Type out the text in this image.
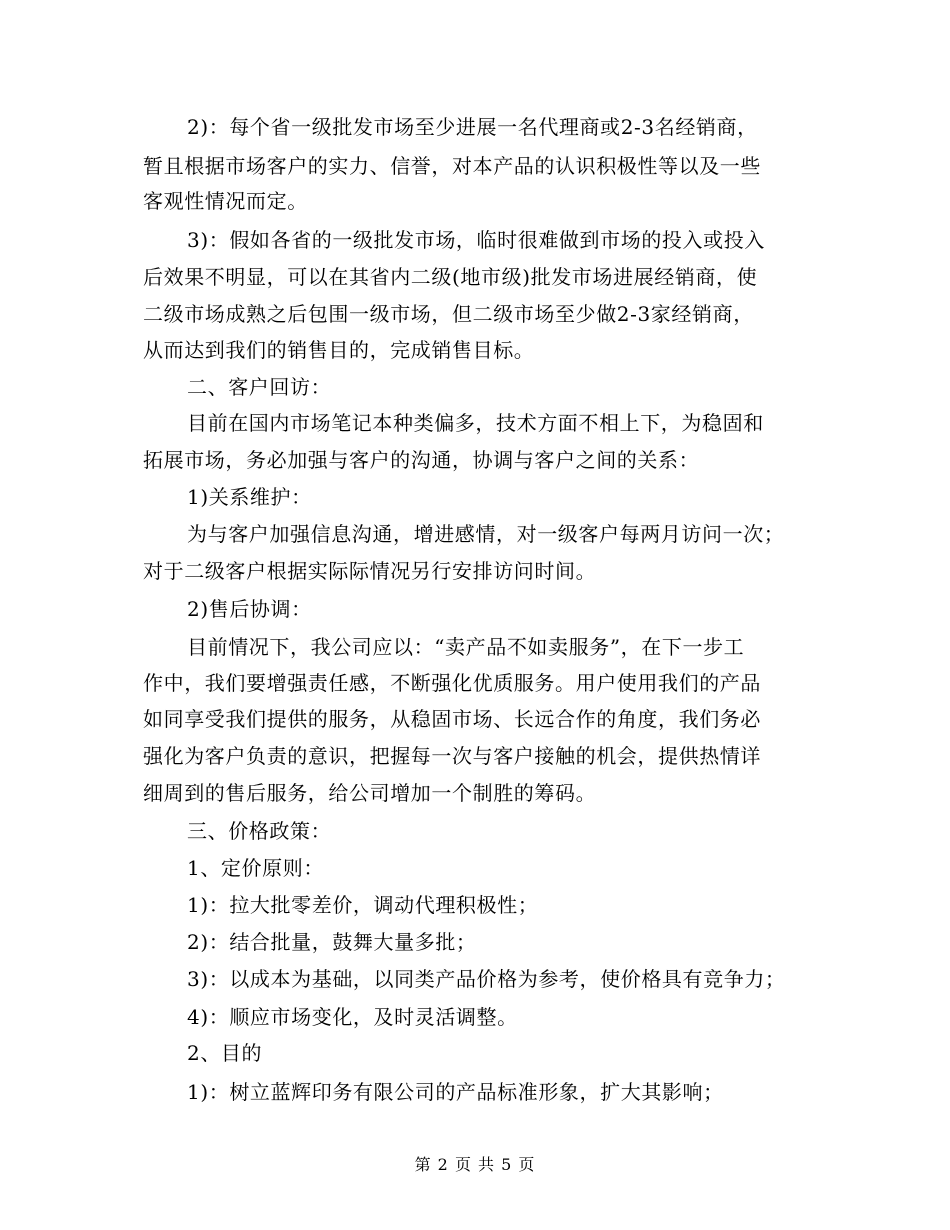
2)：每个省一级批发市场至少进展一名代理商或2-3名经销商，
暂且根据市场客户的实力、信誉，对本产品的认识积极性等以及一些
客观性情况而定。
3)：假如各省的一级批发市场，临时很难做到市场的投入或投入
后效果不明显，可以在其省内二级(地市级)批发市场进展经销商，使
二级市场成熟之后包围一级市场，但二级市场至少做2-3家经销商，
从而达到我们的销售目的，完成销售目标。
二、客户回访：
目前在国内市场笔记本种类偏多，技术方面不相上下，为稳固和
拓展市场，务必加强与客户的沟通，协调与客户之间的关系：
1)关系维护：
为与客户加强信息沟通，增进感情，对一级客户每两月访问一次；
对于二级客户根据实际际情况另行安排访问时间。
2)售后协调：
目前情况下，我公司应以：“卖产品不如卖服务”，在下一步工
作中，我们要增强责任感，不断强化优质服务。用户使用我们的产品
如同享受我们提供的服务，从稳固市场、长远合作的角度，我们务必
强化为客户负责的意识，把握每一次与客户接触的机会，提供热情详
细周到的售后服务，给公司增加一个制胜的筹码。
三、价格政策：
1、定价原则：
1)：拉大批零差价，调动代理积极性；
2)：结合批量，鼓舞大量多批；
3)：以成本为基础，以同类产品价格为参考，使价格具有竞争力；
4)：顺应市场变化，及时灵活调整。
2、目的
1)：树立蓝辉印务有限公司的产品标准形象，扩大其影响；
第 2 页 共 5 页
